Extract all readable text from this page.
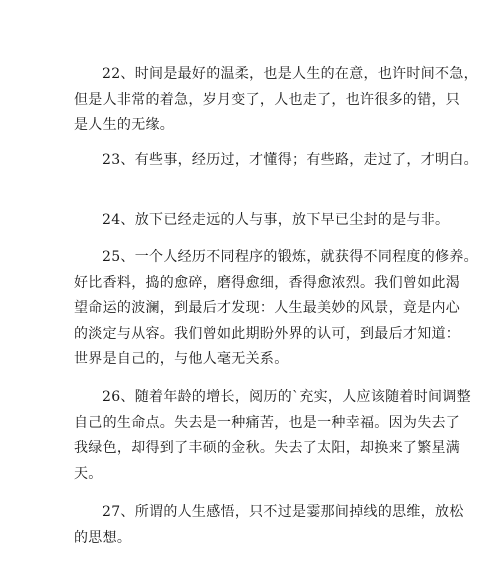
22、时间是最好的温柔，也是人生的在意，也许时间不急，
但是人非常的着急，岁月变了，人也走了，也许很多的错，只
是人生的无缘。

23、有些事，经历过，才懂得；有些路，走过了，才明白。

24、放下已经走远的人与事，放下早已尘封的是与非。

25、一个人经历不同程序的锻炼，就获得不同程度的修养。
好比香料，捣的愈碎，磨得愈细，香得愈浓烈。我们曾如此渴
望命运的波澜，到最后才发现：人生最美妙的风景，竟是内心
的淡定与从容。我们曾如此期盼外界的认可，到最后才知道：
世界是自己的，与他人毫无关系。

26、随着年龄的增长，阅历的`充实，人应该随着时间调整
自己的生命点。失去是一种痛苦，也是一种幸福。因为失去了
我绿色，却得到了丰硕的金秋。失去了太阳，却换来了繁星满
天。

27、所谓的人生感悟，只不过是霎那间掉线的思维，放松
的思想。
